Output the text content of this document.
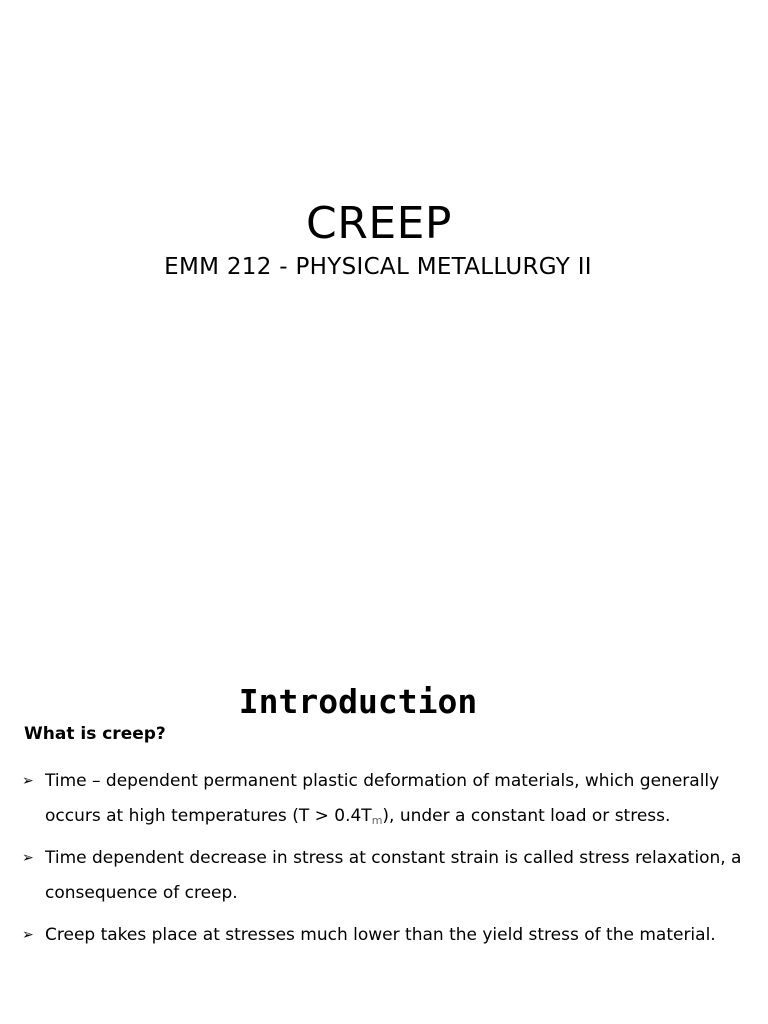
CREEP

EMM 212 - PHYSICAL METALLURGY II

Introduction

What is creep?

➢ Time – dependent permanent plastic deformation of materials, which generally occurs at high temperatures $(T > 0.4T_m)$, under a constant load or stress.
➢ Time dependent decrease in stress at constant strain is called stress relaxation, a consequence of creep.
➢ Creep takes place at stresses much lower than the yield stress of the material.
